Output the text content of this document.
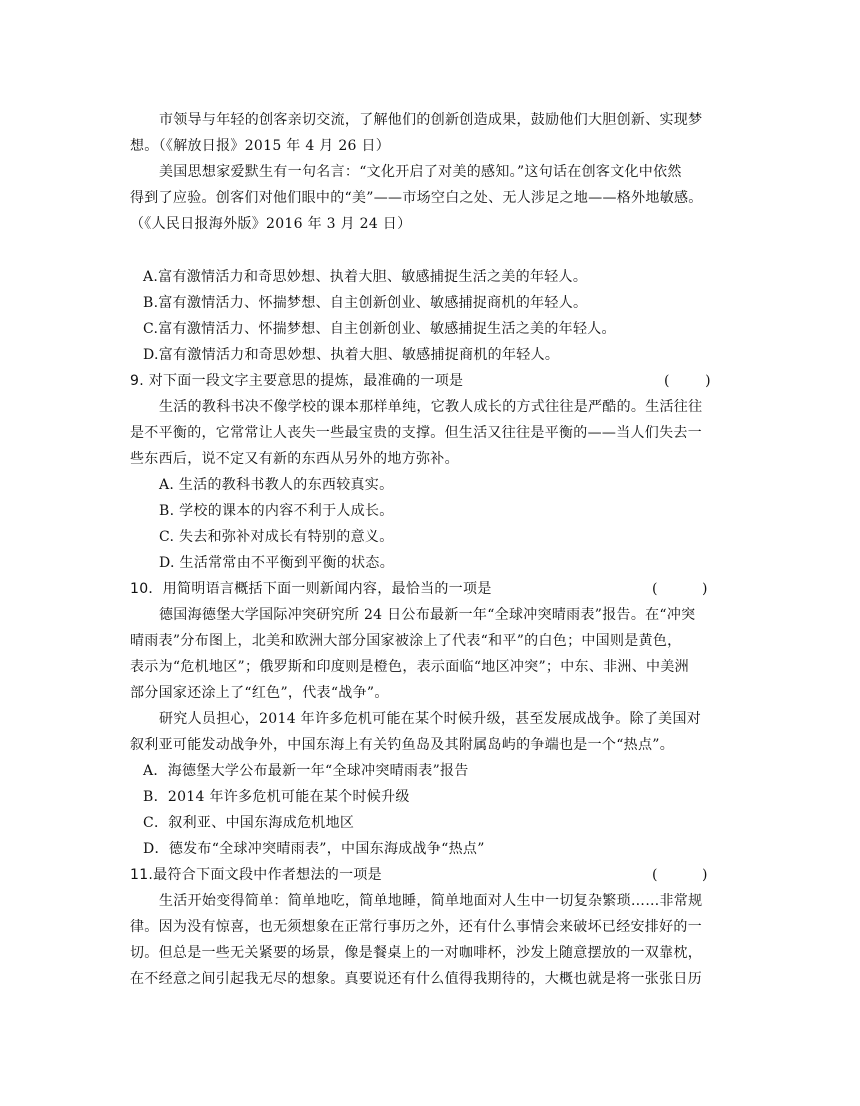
市领导与年轻的创客亲切交流，了解他们的创新创造成果，鼓励他们大胆创新、实现梦
想。（《解放日报》2015 年 4 月 26 日）
美国思想家爱默生有一句名言：“文化开启了对美的感知。”这句话在创客文化中依然
得到了应验。创客们对他们眼中的“美”——市场空白之处、无人涉足之地——格外地敏感。
（《人民日报海外版》2016 年 3 月 24 日）
A.富有激情活力和奇思妙想、执着大胆、敏感捕捉生活之美的年轻人。
B.富有激情活力、怀揣梦想、自主创新创业、敏感捕捉商机的年轻人。
C.富有激情活力、怀揣梦想、自主创新创业、敏感捕捉生活之美的年轻人。
D.富有激情活力和奇思妙想、执着大胆、敏感捕捉商机的年轻人。
9. 对下面一段文字主要意思的提炼，最准确的一项是	(        )
生活的教科书决不像学校的课本那样单纯，它教人成长的方式往往是严酷的。生活往往
是不平衡的，它常常让人丧失一些最宝贵的支撑。但生活又往往是平衡的——当人们失去一
些东西后，说不定又有新的东西从另外的地方弥补。
A. 生活的教科书教人的东西较真实。
B. 学校的课本的内容不利于人成长。
C. 失去和弥补对成长有特别的意义。
D. 生活常常由不平衡到平衡的状态。
10．用简明语言概括下面一则新闻内容，最恰当的一项是	(          )
德国海德堡大学国际冲突研究所 24 日公布最新一年“全球冲突晴雨表”报告。在“冲突
晴雨表”分布图上，北美和欧洲大部分国家被涂上了代表“和平”的白色；中国则是黄色，
表示为“危机地区”；俄罗斯和印度则是橙色，表示面临“地区冲突”；中东、非洲、中美洲
部分国家还涂上了“红色”，代表“战争”。
研究人员担心，2014 年许多危机可能在某个时候升级，甚至发展成战争。除了美国对
叙利亚可能发动战争外，中国东海上有关钓鱼岛及其附属岛屿的争端也是一个“热点”。
A．海德堡大学公布最新一年“全球冲突晴雨表”报告
B．2014 年许多危机可能在某个时候升级
C．叙利亚、中国东海成危机地区
D．德发布“全球冲突晴雨表”，中国东海成战争“热点”
11.最符合下面文段中作者想法的一项是	(          )
生活开始变得简单：简单地吃，简单地睡，简单地面对人生中一切复杂繁琐……非常规
律。因为没有惊喜，也无须想象在正常行事历之外，还有什么事情会来破坏已经安排好的一
切。但总是一些无关紧要的场景，像是餐桌上的一对咖啡杯，沙发上随意摆放的一双靠枕，
在不经意之间引起我无尽的想象。真要说还有什么值得我期待的，大概也就是将一张张日历
